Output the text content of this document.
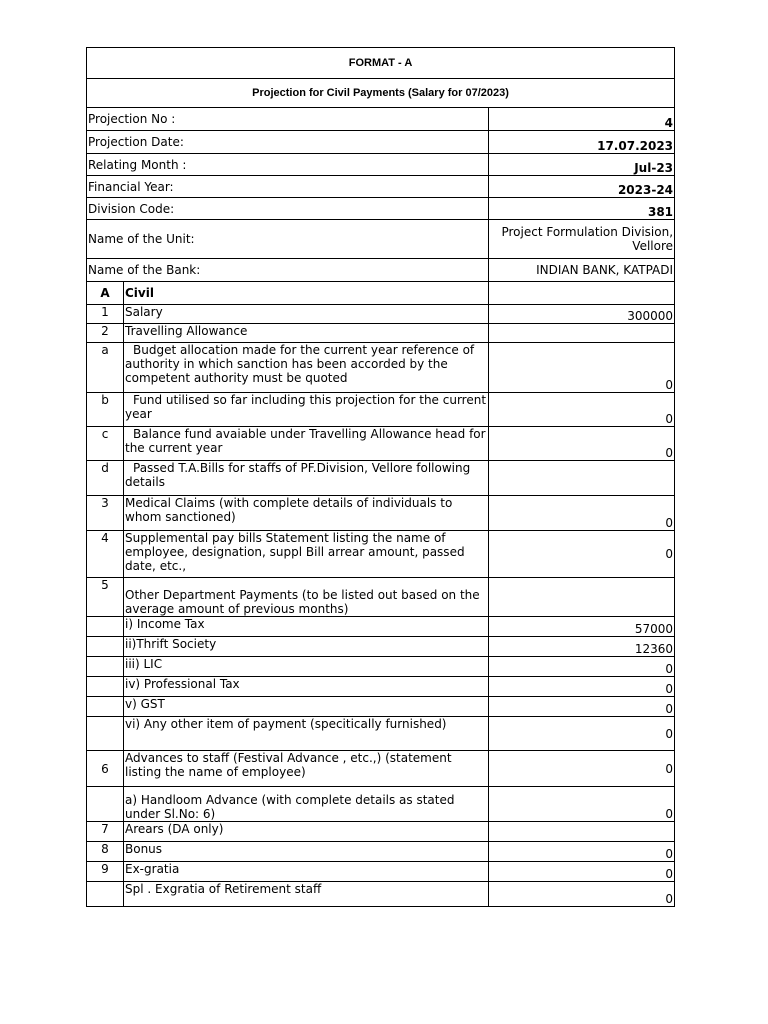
FORMAT - A		
Projection for Civil Payments (Salary for 07/2023)		
Projection No :		4
Projection Date:		17.07.2023
Relating Month :		Jul-23
Financial Year:		2023-24
Division Code:		381
Name of the Unit:		Project Formulation Division, Vellore
Name of the Bank:		INDIAN BANK, KATPADI
A	Civil	
1	Salary	300000
2	Travelling Allowance	
a	Budget allocation made for the current year reference of authority in which sanction has been accorded by the competent authority must be quoted	0
b	Fund utilised so far including this projection for the current year	0
c	Balance fund avaiable under Travelling Allowance head for the current year	0
d	Passed T.A.Bills for staffs of PF.Division, Vellore following details	
3	Medical Claims (with complete details of individuals to whom sanctioned)	0
4	Supplemental pay bills Statement listing the name of employee, designation, suppl Bill arrear amount, passed date, etc.,	0
5	Other Department Payments (to be listed out based on the average amount of previous months)	
	i) Income Tax	57000
	ii)Thrift Society	12360
	iii) LIC	0
	iv) Professional Tax	0
	v) GST	0
	vi) Any other item of payment (specitically furnished)	0
6	Advances to staff (Festival Advance , etc.,) (statement listing the name of employee)	0
	a) Handloom Advance (with complete details as stated under Sl.No: 6)	0
7	Arears (DA only)	
8	Bonus	0
9	Ex-gratia	0
	Spl . Exgratia of Retirement staff	0
